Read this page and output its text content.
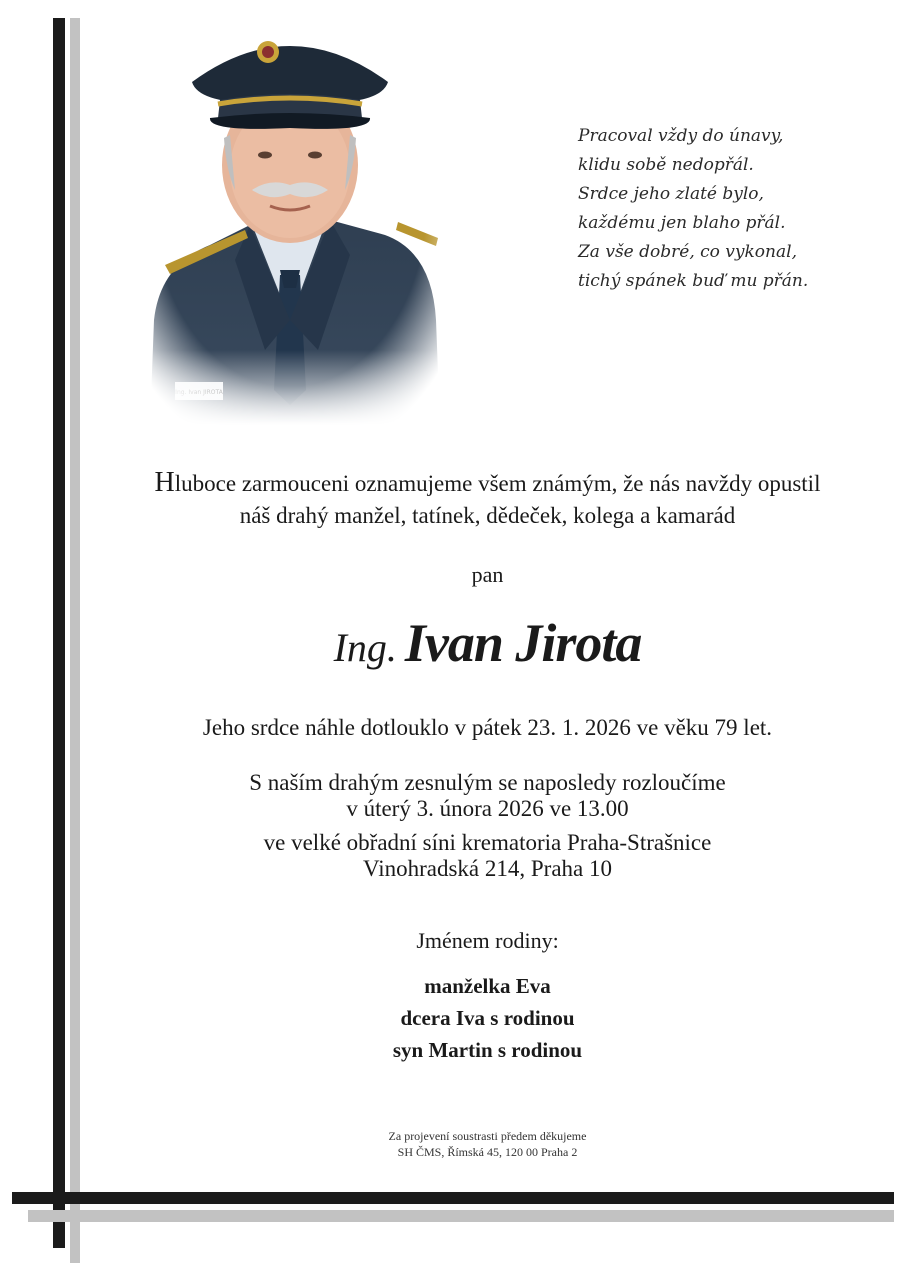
Pracoval vždy do únavy,
klidu sobě nedopřál.
Srdce jeho zlaté bylo,
každému jen blaho přál.
Za vše dobré, co vykonal,
tichý spánek buď mu přán.
Hluboce zarmouceni oznamujeme všem známým, že nás navždy opustil
náš drahý manžel, tatínek, dědeček, kolega a kamarád
pan
Ing. Ivan Jirota
Jeho srdce náhle dotlouklo v pátek 23. 1. 2026 ve věku 79 let.
S naším drahým zesnulým se naposledy rozloučíme
v úterý 3. února 2026 ve 13.00
ve velké obřadní síni krematoria Praha-Strašnice
Vinohradská 214, Praha 10
Jménem rodiny:
manželka Eva
dcera Iva s rodinou
syn Martin s rodinou
Za projevení soustrasti předem děkujeme
SH ČMS, Římská 45, 120 00 Praha 2
